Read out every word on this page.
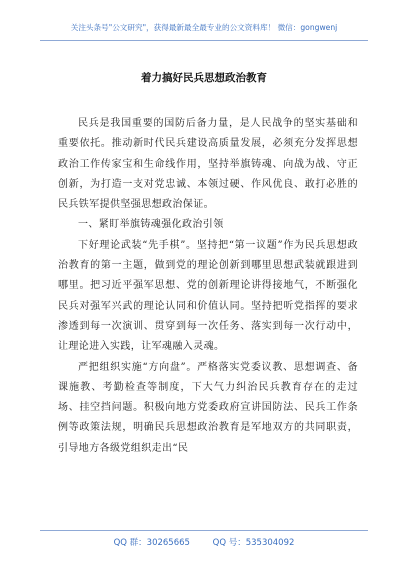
关注头条号"公文研究"，获得最新最全最专业的公文资料库！ 微信：gongwenj
着力搞好民兵思想政治教育

民兵是我国重要的国防后备力量，是人民战争的坚实基础和重要依托。推动新时代民兵建设高质量发展，必须充分发挥思想政治工作传家宝和生命线作用，坚持举旗铸魂、向战为战、守正创新，为打造一支对党忠诚、本领过硬、作风优良、敢打必胜的民兵铁军提供坚强思想政治保证。

一、紧盯举旗铸魂强化政治引领

下好理论武装“先手棋”。坚持把“第一议题”作为民兵思想政治教育的第一主题，做到党的理论创新到哪里思想武装就跟进到哪里。把习近平强军思想、党的创新理论讲得接地气，不断强化民兵对强军兴武的理论认同和价值认同。坚持把听党指挥的要求渗透到每一次演训、贯穿到每一次任务、落实到每一次行动中，让理论进入实践，让军魂融入灵魂。

严把组织实施“方向盘”。严格落实党委议教、思想调查、备课施教、考勤检查等制度，下大气力纠治民兵教育存在的走过场、挂空挡问题。积极向地方党委政府宣讲国防法、民兵工作条例等政策法规，明确民兵思想政治教育是军地双方的共同职责，引导地方各级党组织走出“民

QQ 群：30265665	QQ 号：535304092
